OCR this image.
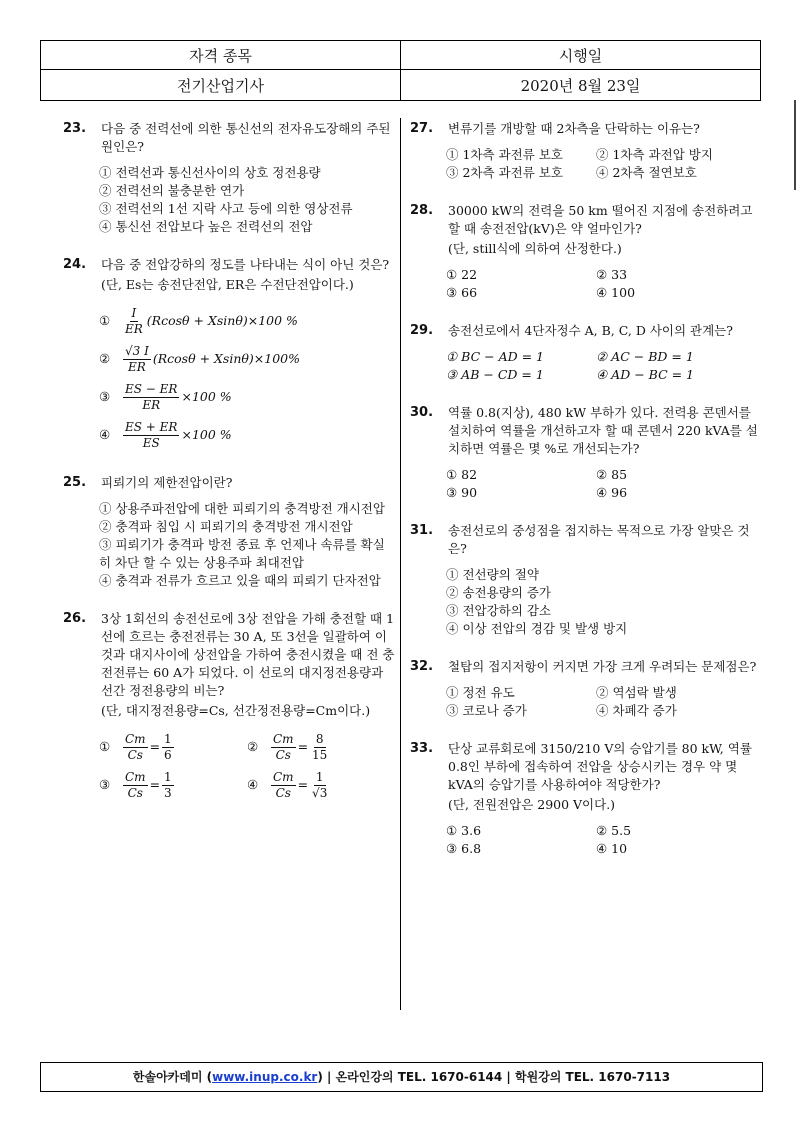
자격 종목	시행일
전기산업기사	2020년 8월 23일
23. 다음 중 전력선에 의한 통신선의 전자유도장해의 주된 원인은?
① 전력선과 통신선사이의 상호 정전용량
② 전력선의 불충분한 연가
③ 전력선의 1선 지락 사고 등에 의한 영상전류
④ 통신선 전압보다 높은 전력선의 전압
24. 다음 중 전압강하의 정도를 나타내는 식이 아닌 것은?
(단, Es는 송전단전압, ER은 수전단전압이다.)
①	$\frac{I}{ER} (Rcos\theta + Xsin\theta)\times 100$ %
②	$\frac{√3 I}{ER} (Rcos\theta + Xsin\theta)\times 100\%$
③	$\frac{ES - ER}{ER} \times 100$ %
④	$\frac{ES + ER}{ES} \times 100$ %
25. 피뢰기의 제한전압이란?
① 상용주파전압에 대한 피뢰기의 충격방전 개시전압
② 충격파 침입 시 피뢰기의 충격방전 개시전압
③ 피뢰기가 충격파 방전 종료 후 언제나 속류를 확실히 차단 할 수 있는 상용주파 최대전압
④ 충격과 전류가 흐르고 있을 때의 피뢰기 단자전압
26. 3상 1회선의 송전선로에 3상 전압을 가해 충전할 때 1선에 흐르는 충전전류는 30 A, 또 3선을 일괄하여 이것과 대지사이에 상전압을 가하여 충전시켰을 때 전 충전전류는 60 A가 되었다. 이 선로의 대지정전용량과 선간 정전용량의 비는?
(단, 대지정전용량=Cs, 선간정전용량=Cm이다.)
①	$\frac{Cm}{Cs} = \frac{1}{6}$	②	$\frac{Cm}{Cs} = \frac{8}{15}$
③	$\frac{Cm}{Cs} = \frac{1}{3}$	④	$\frac{Cm}{Cs} = \frac{1}{√3}$
27. 변류기를 개방할 때 2차측을 단락하는 이유는?
① 1차측 과전류 보호	② 1차측 과전압 방지
③ 2차측 과전류 보호	④ 2차측 절연보호
28. 30000 kW의 전력을 50 km 떨어진 지점에 송전하려고 할 때 송전전압(kV)은 약 얼마인가?
(단, still식에 의하여 산정한다.)
① 22	② 33
③ 66	④ 100
29. 송전선로에서 4단자정수 A, B, C, D 사이의 관계는?
① BC − AD = 1	② AC − BD = 1
③ AB − CD = 1	④ AD − BC = 1
30. 역률 0.8(지상), 480 kW 부하가 있다. 전력용 콘덴서를 설치하여 역률을 개선하고자 할 때 콘덴서 220 kVA를 설치하면 역률은 몇 %로 개선되는가?
① 82	② 85
③ 90	④ 96
31. 송전선로의 중성점을 접지하는 목적으로 가장 알맞은 것은?
① 전선량의 절약
② 송전용량의 증가
③ 전압강하의 감소
④ 이상 전압의 경감 및 발생 방지
32. 철탑의 접지저항이 커지면 가장 크게 우려되는 문제점은?
① 정전 유도	② 역섬락 발생
③ 코로나 증가	④ 차폐각 증가
33. 단상 교류회로에 3150/210 V의 승압기를 80 kW, 역률 0.8인 부하에 접속하여 전압을 상승시키는 경우 약 몇 kVA의 승압기를 사용하여야 적당한가?
(단, 전원전압은 2900 V이다.)
① 3.6	② 5.5
③ 6.8	④ 10
한솔아카데미 (www.inup.co.kr) | 온라인강의 TEL. 1670-6144 | 학원강의 TEL. 1670-7113
